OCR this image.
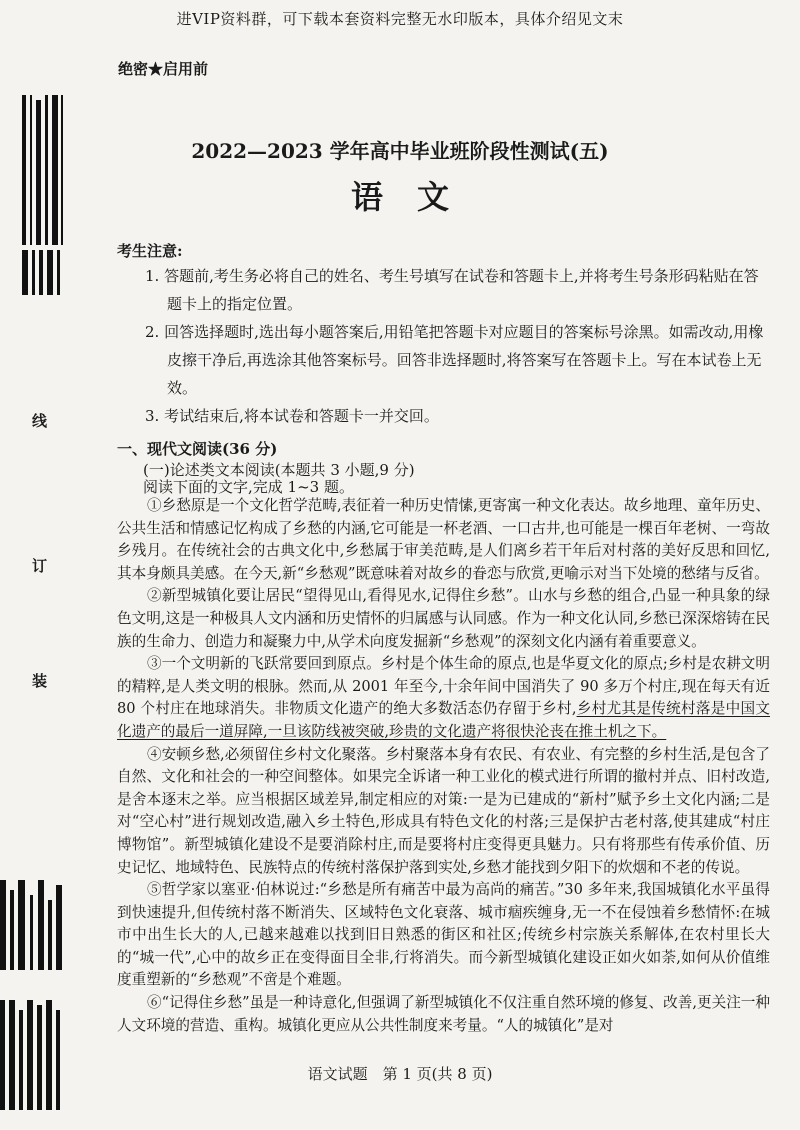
线
订
装
进VIP资料群，可下载本套资料完整无水印版本，具体介绍见文末
绝密★启用前
2022—2023 学年高中毕业班阶段性测试(五)
语文
考生注意:

1. 答题前,考生务必将自己的姓名、考生号填写在试卷和答题卡上,并将考生号条形码粘贴在答题卡上的指定位置。

2. 回答选择题时,选出每小题答案后,用铅笔把答题卡对应题目的答案标号涂黑。如需改动,用橡皮擦干净后,再选涂其他答案标号。回答非选择题时,将答案写在答题卡上。写在本试卷上无效。

3. 考试结束后,将本试卷和答题卡一并交回。

一、现代文阅读(36 分)
(一)论述类文本阅读(本题共 3 小题,9 分)
阅读下面的文字,完成 1~3 题。

①乡愁原是一个文化哲学范畴,表征着一种历史情愫,更寄寓一种文化表达。故乡地理、童年历史、公共生活和情感记忆构成了乡愁的内涵,它可能是一杯老酒、一口古井,也可能是一棵百年老树、一弯故乡残月。在传统社会的古典文化中,乡愁属于审美范畴,是人们离乡若干年后对村落的美好反思和回忆,其本身颇具美感。在今天,新“乡愁观”既意味着对故乡的眷恋与欣赏,更喻示对当下处境的愁绪与反省。

②新型城镇化要让居民“望得见山,看得见水,记得住乡愁”。山水与乡愁的组合,凸显一种具象的绿色文明,这是一种极具人文内涵和历史情怀的归属感与认同感。作为一种文化认同,乡愁已深深熔铸在民族的生命力、创造力和凝聚力中,从学术向度发掘新“乡愁观”的深刻文化内涵有着重要意义。

③一个文明新的飞跃常要回到原点。乡村是个体生命的原点,也是华夏文化的原点;乡村是农耕文明的精粹,是人类文明的根脉。然而,从 2001 年至今,十余年间中国消失了 90 多万个村庄,现在每天有近 80 个村庄在地球消失。非物质文化遗产的绝大多数活态仍存留于乡村,乡村尤其是传统村落是中国文化遗产的最后一道屏障,一旦该防线被突破,珍贵的文化遗产将很快沦丧在推土机之下。

④安顿乡愁,必须留住乡村文化聚落。乡村聚落本身有农民、有农业、有完整的乡村生活,是包含了自然、文化和社会的一种空间整体。如果完全诉诸一种工业化的模式进行所谓的撤村并点、旧村改造,是舍本逐末之举。应当根据区域差异,制定相应的对策:一是为已建成的“新村”赋予乡土文化内涵;二是对“空心村”进行规划改造,融入乡土特色,形成具有特色文化的村落;三是保护古老村落,使其建成“村庄博物馆”。新型城镇化建设不是要消除村庄,而是要将村庄变得更具魅力。只有将那些有传承价值、历史记忆、地域特色、民族特点的传统村落保护落到实处,乡愁才能找到夕阳下的炊烟和不老的传说。

⑤哲学家以塞亚·伯林说过:“乡愁是所有痛苦中最为高尚的痛苦。”30 多年来,我国城镇化水平虽得到快速提升,但传统村落不断消失、区域特色文化衰落、城市痼疾缠身,无一不在侵蚀着乡愁情怀:在城市中出生长大的人,已越来越难以找到旧日熟悉的街区和社区;传统乡村宗族关系解体,在农村里长大的“城一代”,心中的故乡正在变得面目全非,行将消失。而今新型城镇化建设正如火如荼,如何从价值维度重塑新的“乡愁观”不啻是个难题。

⑥“记得住乡愁”虽是一种诗意化,但强调了新型城镇化不仅注重自然环境的修复、改善,更关注一种人文环境的营造、重构。城镇化更应从公共性制度来考量。“人的城镇化”是对

语文试题　第 1 页(共 8 页)
